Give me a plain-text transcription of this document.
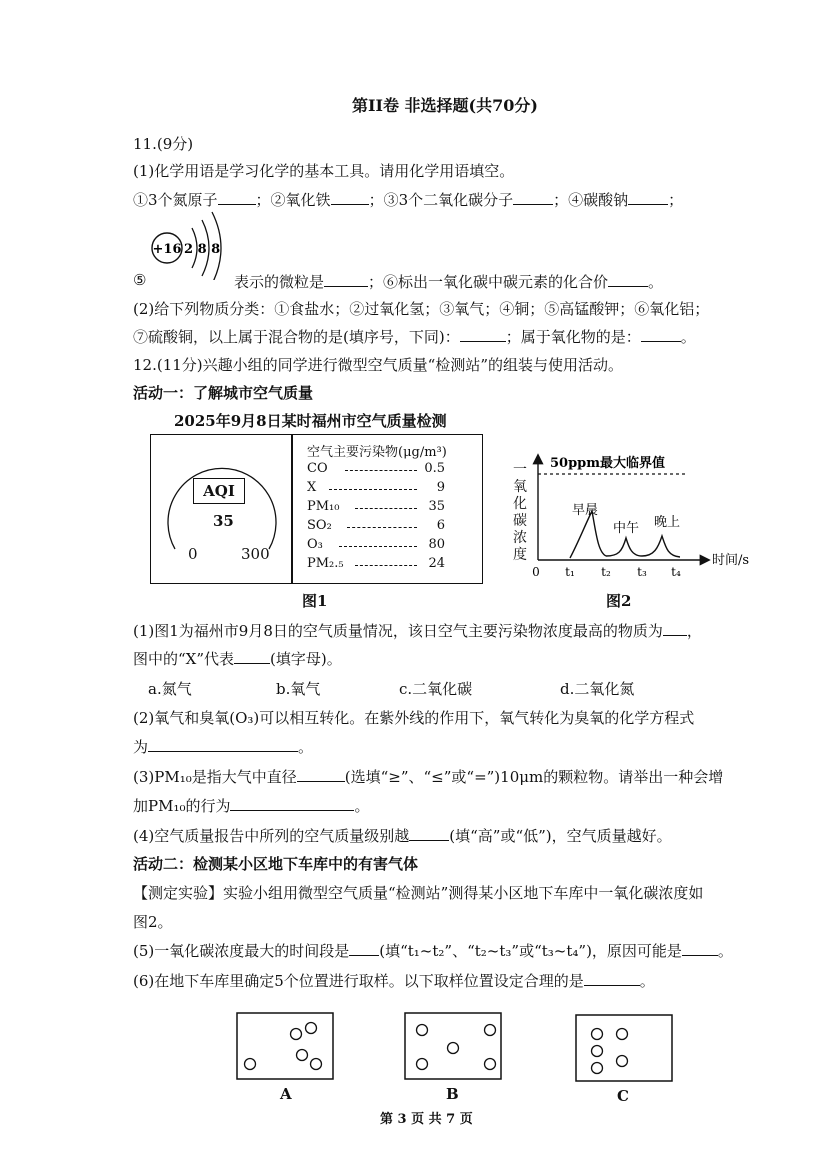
第II卷 非选择题(共70分)
11.(9分)
(1)化学用语是学习化学的基本工具。请用化学用语填空。
①3个氮原子	；②氧化铁	；③3个二氧化碳分子	；④碳酸钠	；
+16 2 8 8
⑤	表示的微粒是	；⑥标出一氧化碳中碳元素的化合价	。
(2)给下列物质分类：①食盐水；②过氧化氢；③氧气；④铜；⑤高锰酸钾；⑥氧化铝；
⑦硫酸铜，以上属于混合物的是(填序号，下同)：	；属于氧化物的是：	。
12.(11分)兴趣小组的同学进行微型空气质量“检测站”的组装与使用活动。
活动一：了解城市空气质量
2025年9月8日某时福州市空气质量检测
AQI
35
0	300
空气主要污染物(μg/m³)
CO	0.5
X	9
PM₁₀	35
SO₂	6
O₃	80
PM₂.₅	24
图1
50ppm最大临界值
时间/s
0 t₁ t₂ t₃ t₄
早晨
中午 晚上
一氧化碳浓度
图2
(1)图1为福州市9月8日的空气质量情况，该日空气主要污染物浓度最高的物质为 ，
图中的“X”代表 (填字母)。
a.氮气	b.氧气	c.二氧化碳	d.二氧化氮
(2)氧气和臭氧(O₃)可以相互转化。在紫外线的作用下，氧气转化为臭氧的化学方程式
为	。
(3)PM₁₀是指大气中直径	(选填“≥”、“≤”或“=”)10μm的颗粒物。请举出一种会增
加PM₁₀的行为	。
(4)空气质量报告中所列的空气质量级别越	(填“高”或“低”)，空气质量越好。
活动二：检测某小区地下车库中的有害气体
【测定实验】实验小组用微型空气质量“检测站”测得某小区地下车库中一氧化碳浓度如
图2。
(5)一氧化碳浓度最大的时间段是 (填“t₁~t₂”、“t₂~t₃”或“t₃~t₄”)，原因可能是 。
(6)在地下车库里确定5个位置进行取样。以下取样位置设定合理的是	。
A	B	C
第 3 页 共 7 页
